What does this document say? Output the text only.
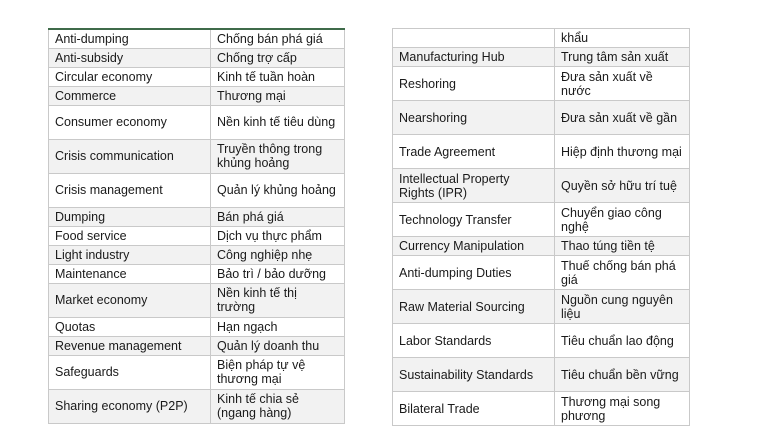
Anti-dumping	Chống bán phá giá
Anti-subsidy	Chống trợ cấp
Circular economy	Kinh tế tuần hoàn
Commerce	Thương mại
Consumer economy	Nền kinh tế tiêu dùng
Crisis communication	Truyền thông trong khủng hoảng
Crisis management	Quản lý khủng hoảng
Dumping	Bán phá giá
Food service	Dịch vụ thực phẩm
Light industry	Công nghiệp nhẹ
Maintenance	Bảo trì / bảo dưỡng
Market economy	Nền kinh tế thị trường
Quotas	Hạn ngạch
Revenue management	Quản lý doanh thu
Safeguards	Biện pháp tự vệ thương mại
Sharing economy (P2P)	Kinh tế chia sẻ (ngang hàng)
	khẩu
Manufacturing Hub	Trung tâm sản xuất
Reshoring	Đưa sản xuất về nước
Nearshoring	Đưa sản xuất về gần
Trade Agreement	Hiệp định thương mại
Intellectual Property Rights (IPR)	Quyền sở hữu trí tuệ
Technology Transfer	Chuyển giao công nghệ
Currency Manipulation	Thao túng tiền tệ
Anti-dumping Duties	Thuế chống bán phá giá
Raw Material Sourcing	Nguồn cung nguyên liệu
Labor Standards	Tiêu chuẩn lao động
Sustainability Standards	Tiêu chuẩn bền vững
Bilateral Trade	Thương mại song phương
